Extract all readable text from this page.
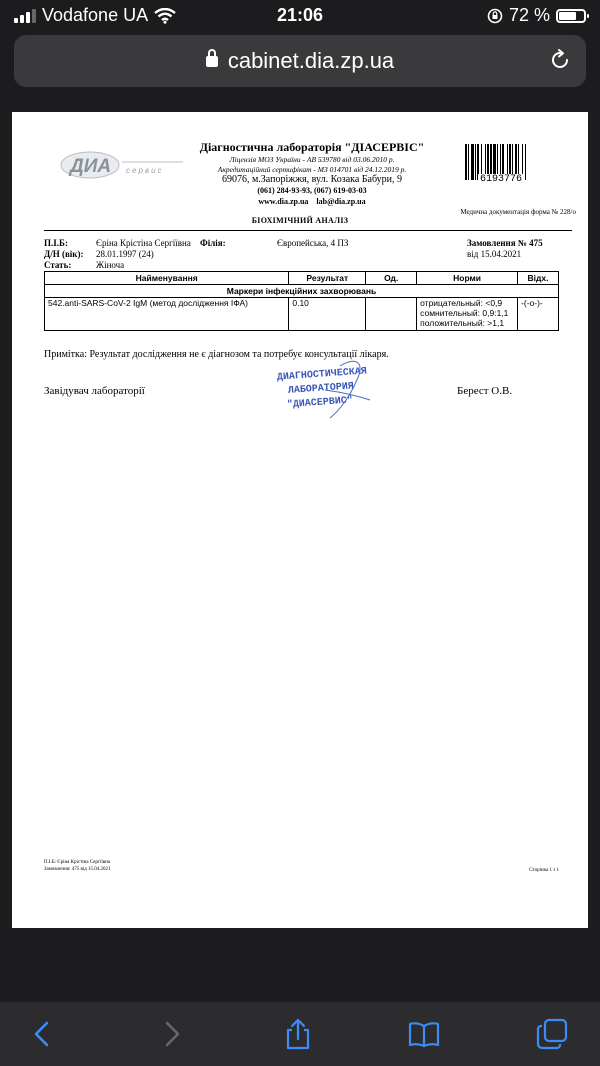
Vodafone UA	21:06	72 %
cabinet.dia.zp.ua
ДИА сервис
Діагностична лабораторія "ДІАСЕРВІС"
Ліцензія МОЗ України - АВ 539780 від 03.06.2010 р.
Акредитаційний сертифікат - МЗ 014701 від 24.12.2019 р.
69076, м.Запоріжжя, вул. Козака Бабури, 9
(061) 284-93-93, (067) 619-03-03
www.dia.zp.ua lab@dia.zp.ua
6193776
Медична документація форма № 228/о
БІОХІМІЧНИЙ АНАЛІЗ
П.І.Б:	Єріна Крістіна Сергіївна Філія:	Європейська, 4 ПЗ	Замовлення № 475
Д/Н (вік): 28.01.1997 (24)	від 15.04.2021
Стать:	Жіноча
Найменування	Результат	Од.	Норми	Відх.
Маркери інфекційних захворювань				
542.anti-SARS-CoV-2 IgM (метод дослідження ІФА)	0.10		отрицательный: <0,9
сомнительный: 0,9:1,1
положительный: >1,1	-(-о-)-
Примітка: Результат дослідження не є діагнозом та потребує консультації лікаря.
Завідувач лабораторії
ДИАГНОСТИЧЕСКАЯ
ЛАБОРАТОРИЯ
"ДИАСЕРВИС"
Берест О.В.
П.І.Б: Єріна Крістіна Сергіївна
Замовлення: 475 від 15.04.2021	Сторінка 1 з 1
